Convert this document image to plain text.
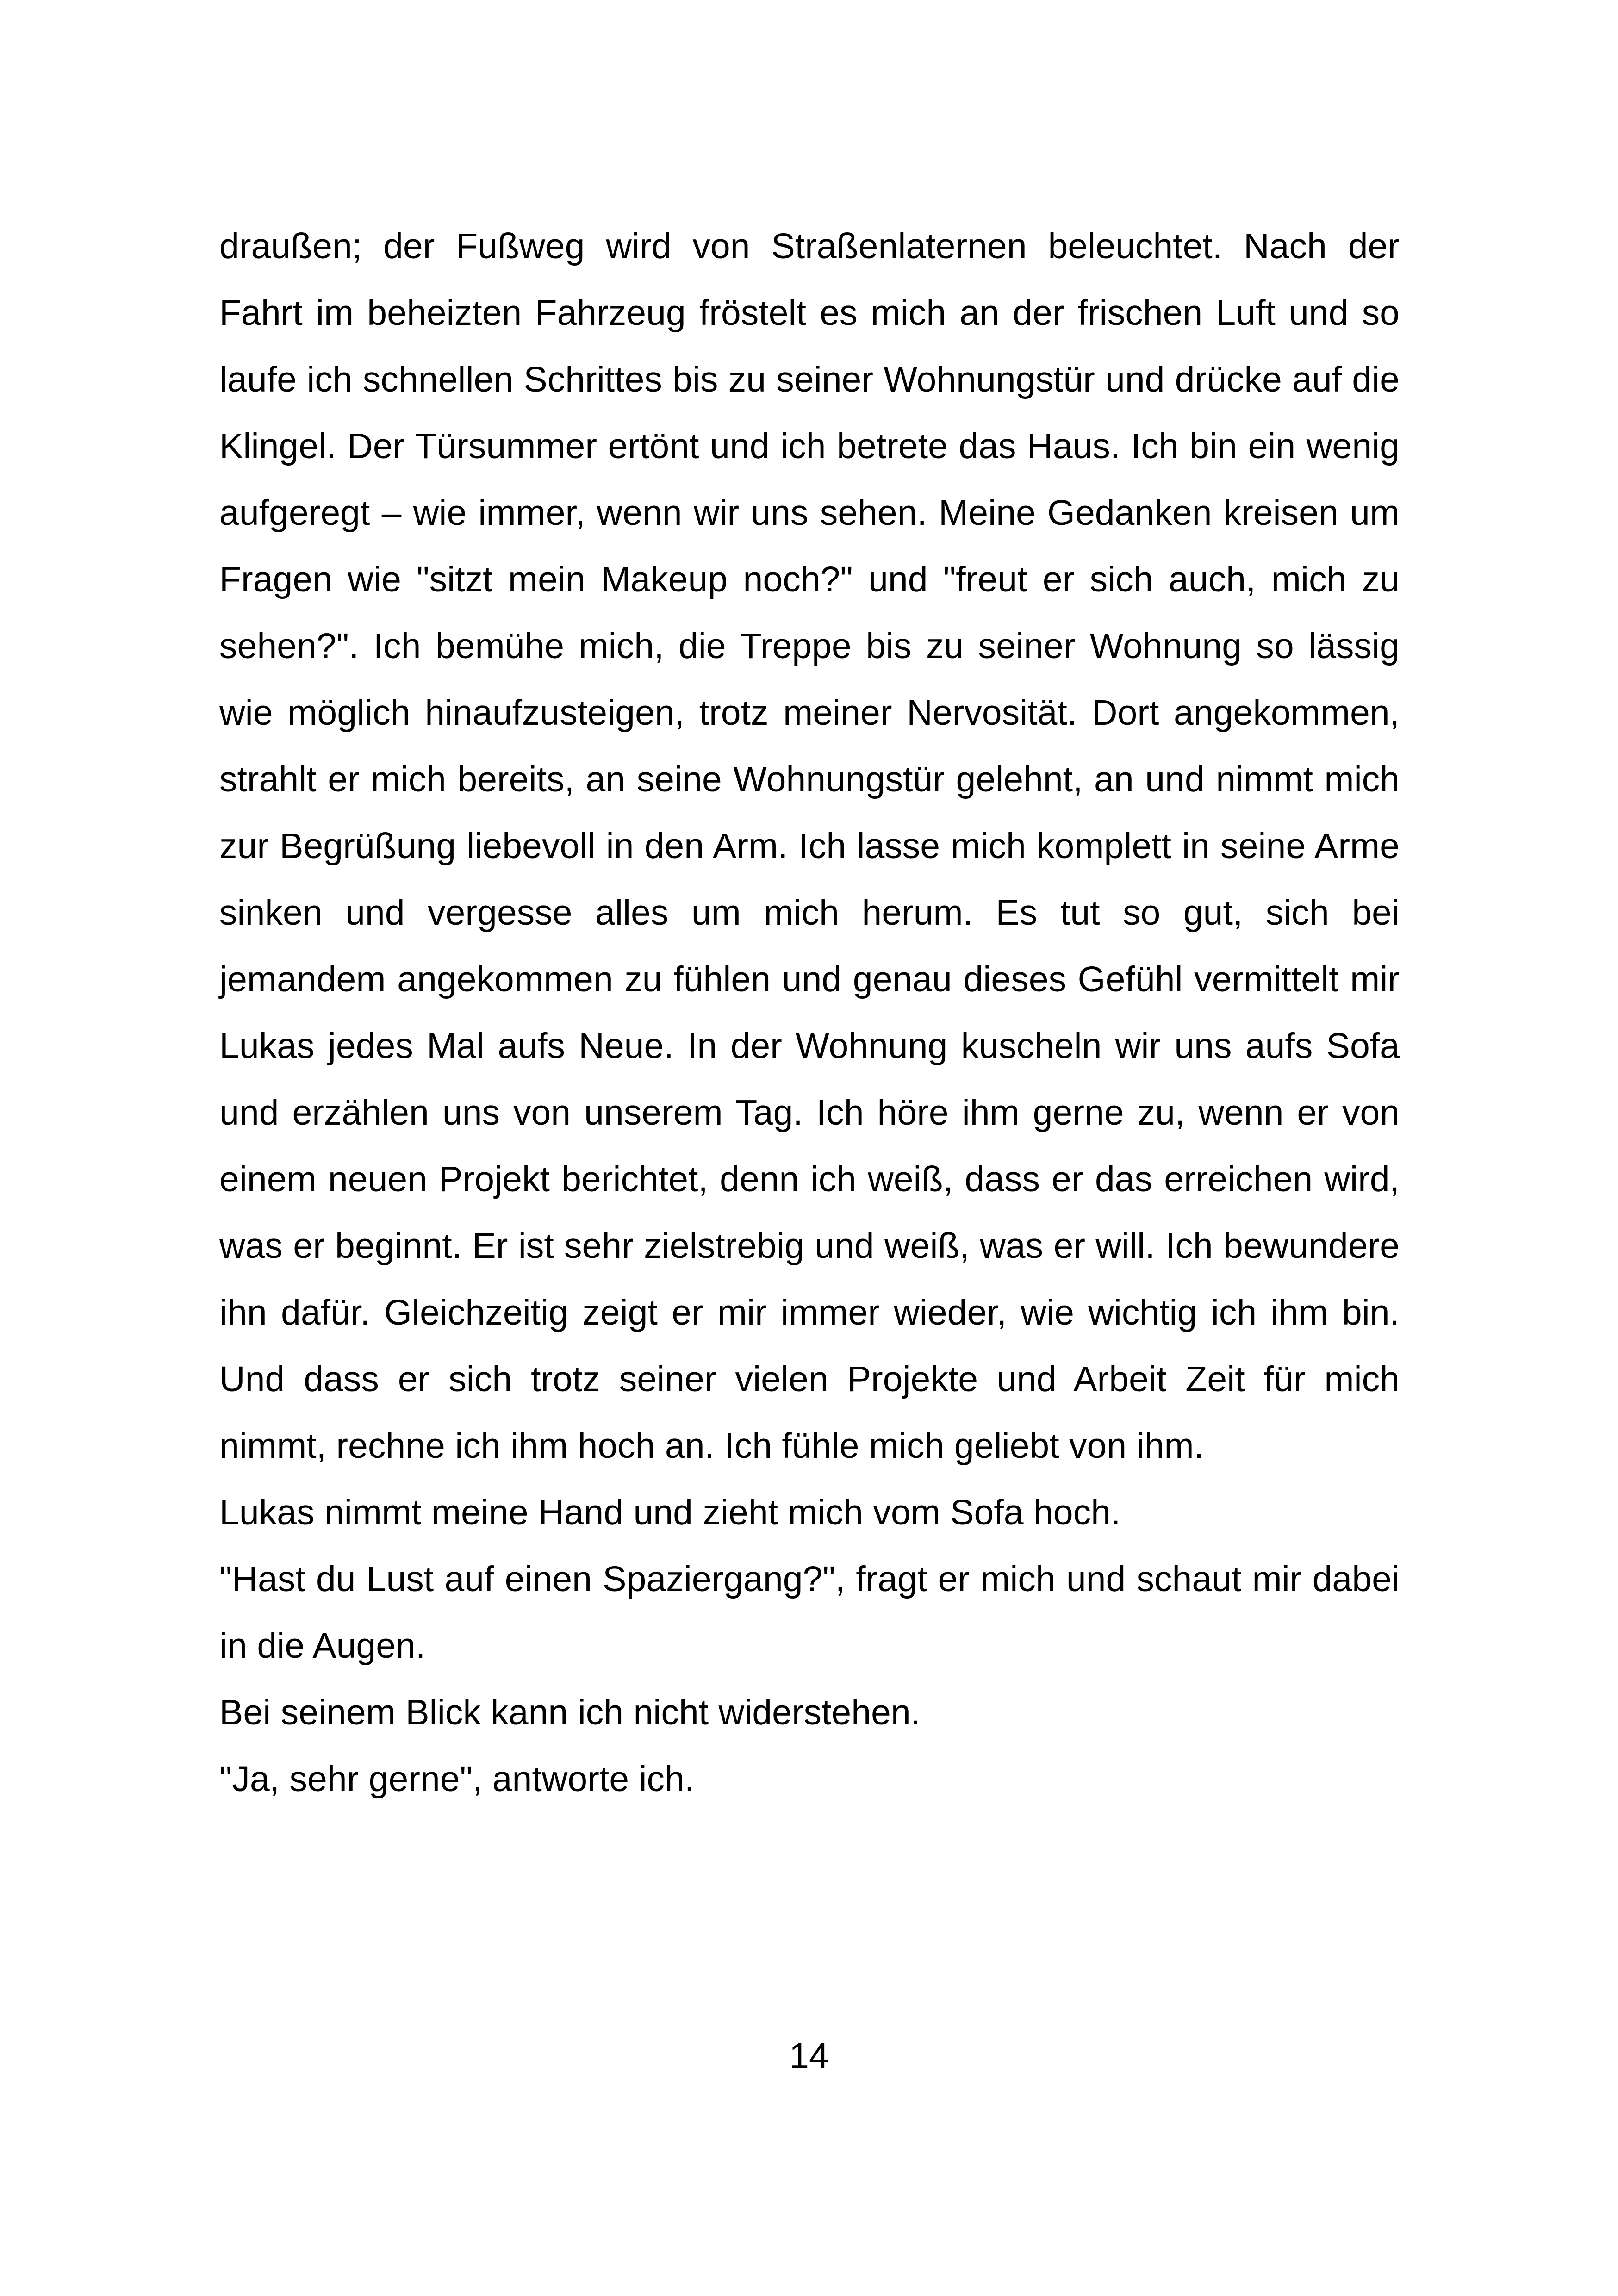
draußen; der Fußweg wird von Straßenlaternen beleuchtet. Nach der Fahrt im beheizten Fahrzeug fröstelt es mich an der frischen Luft und so laufe ich schnellen Schrittes bis zu seiner Wohnungstür und drücke auf die Klingel. Der Türsummer ertönt und ich betrete das Haus. Ich bin ein wenig aufgeregt – wie immer, wenn wir uns sehen. Meine Gedanken kreisen um Fragen wie "sitzt mein Makeup noch?" und "freut er sich auch, mich zu sehen?". Ich bemühe mich, die Treppe bis zu seiner Wohnung so lässig wie möglich hinaufzusteigen, trotz meiner Nervosität. Dort angekommen, strahlt er mich bereits, an seine Wohnungstür gelehnt, an und nimmt mich zur Begrüßung liebevoll in den Arm. Ich lasse mich komplett in seine Arme sinken und vergesse alles um mich herum. Es tut so gut, sich bei jemandem angekommen zu fühlen und genau dieses Gefühl vermittelt mir Lukas jedes Mal aufs Neue. In der Wohnung kuscheln wir uns aufs Sofa und erzählen uns von unserem Tag. Ich höre ihm gerne zu, wenn er von einem neuen Projekt berichtet, denn ich weiß, dass er das erreichen wird, was er beginnt. Er ist sehr zielstrebig und weiß, was er will. Ich bewundere ihn dafür. Gleichzeitig zeigt er mir immer wieder, wie wichtig ich ihm bin. Und dass er sich trotz seiner vielen Projekte und Arbeit Zeit für mich nimmt, rechne ich ihm hoch an. Ich fühle mich geliebt von ihm.

Lukas nimmt meine Hand und zieht mich vom Sofa hoch.

"Hast du Lust auf einen Spaziergang?", fragt er mich und schaut mir dabei in die Augen.

Bei seinem Blick kann ich nicht widerstehen.

"Ja, sehr gerne", antworte ich.

14
